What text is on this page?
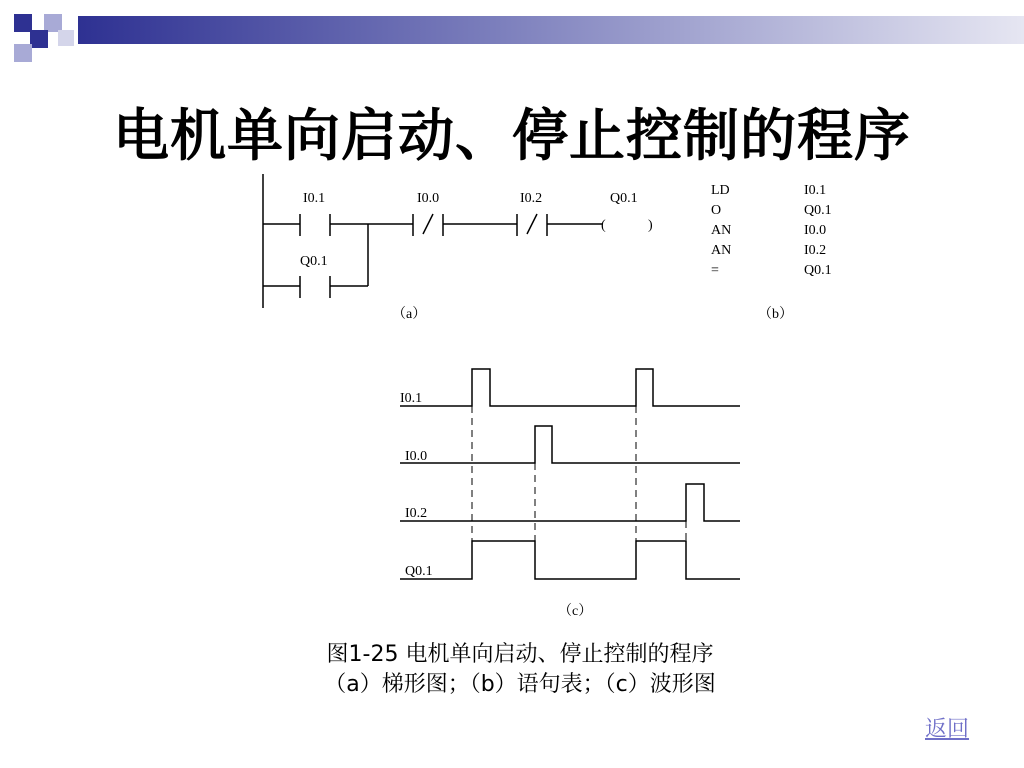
电机单向启动、停止控制的程序
I0.1	I0.0	I0.2	Q0.1
Q0.1
(	)
（a）
LD	I0.1
O	Q0.1
AN	I0.0
AN	I0.2
=	Q0.1
（b）
I0.1
I0.0
I0.2
Q0.1
（c）
图1-25 电机单向启动、停止控制的程序
（a）梯形图；（b）语句表；（c）波形图
返回
